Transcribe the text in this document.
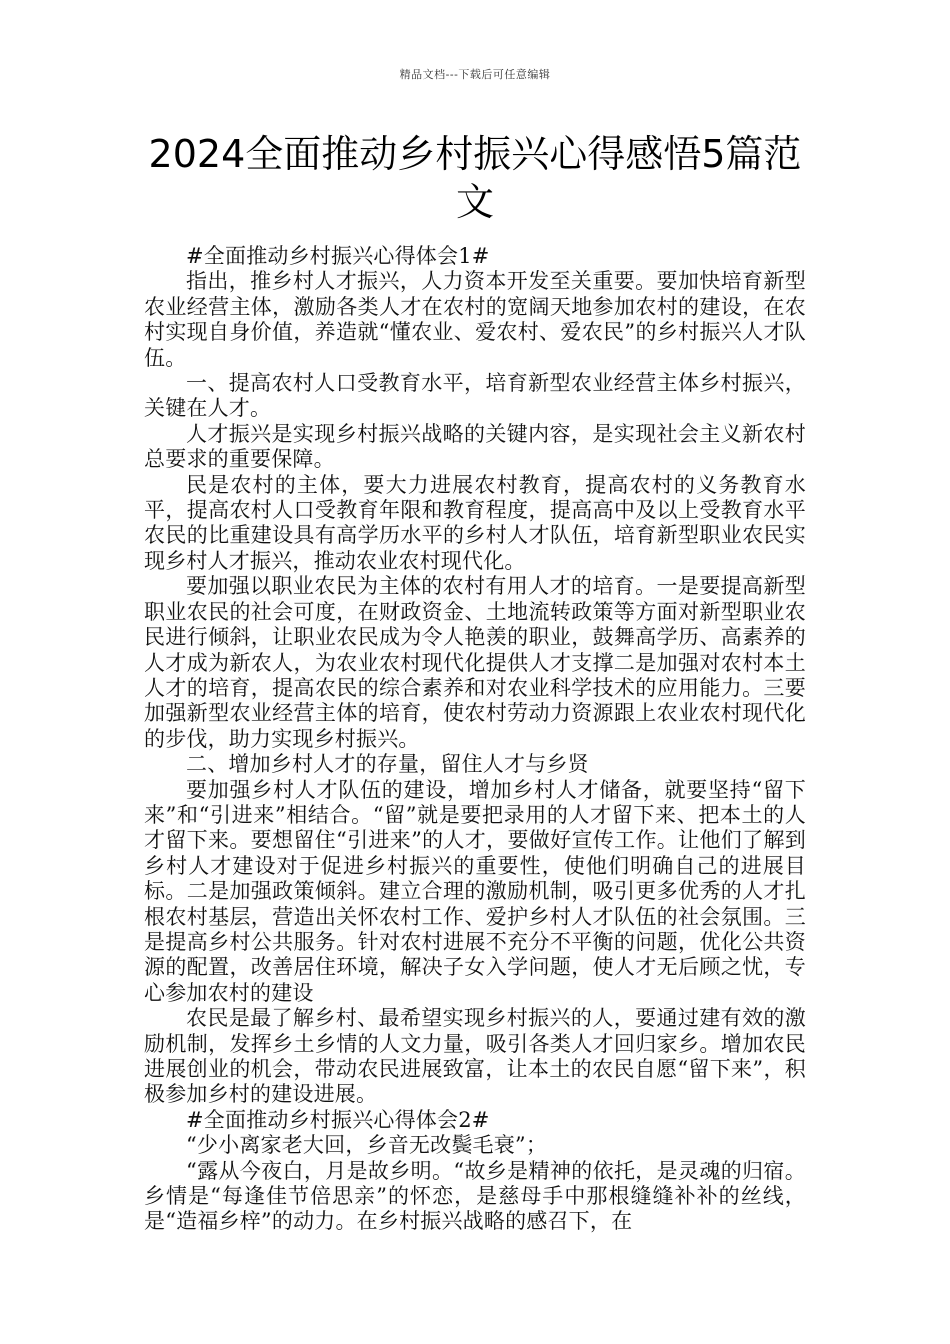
精品文档---下载后可任意编辑
2024全面推动乡村振兴心得感悟5篇范文

#全面推动乡村振兴心得体会1#

指出，推乡村人才振兴，人力资本开发至关重要。要加快培育新型农业经营主体，激励各类人才在农村的宽阔天地参加农村的建设，在农村实现自身价值，养造就“懂农业、爱农村、爱农民”的乡村振兴人才队伍。

一、提高农村人口受教育水平，培育新型农业经营主体乡村振兴，关键在人才。

人才振兴是实现乡村振兴战略的关键内容，是实现社会主义新农村总要求的重要保障。

民是农村的主体，要大力进展农村教育，提高农村的义务教育水平，提高农村人口受教育年限和教育程度，提高高中及以上受教育水平农民的比重建设具有高学历水平的乡村人才队伍，培育新型职业农民实现乡村人才振兴，推动农业农村现代化。

要加强以职业农民为主体的农村有用人才的培育。一是要提高新型职业农民的社会可度，在财政资金、土地流转政策等方面对新型职业农民进行倾斜，让职业农民成为令人艳羡的职业，鼓舞高学历、高素养的人才成为新农人，为农业农村现代化提供人才支撑二是加强对农村本土人才的培育，提高农民的综合素养和对农业科学技术的应用能力。三要加强新型农业经营主体的培育，使农村劳动力资源跟上农业农村现代化的步伐，助力实现乡村振兴。

二、增加乡村人才的存量，留住人才与乡贤

要加强乡村人才队伍的建设，增加乡村人才储备，就要坚持“留下来”和“引进来”相结合。“留”就是要把录用的人才留下来、把本土的人才留下来。要想留住“引进来”的人才，要做好宣传工作。让他们了解到乡村人才建设对于促进乡村振兴的重要性，使他们明确自己的进展目标。二是加强政策倾斜。建立合理的激励机制，吸引更多优秀的人才扎根农村基层，营造出关怀农村工作、爱护乡村人才队伍的社会氛围。三是提高乡村公共服务。针对农村进展不充分不平衡的问题，优化公共资源的配置，改善居住环境，解决子女入学问题，使人才无后顾之忧，专心参加农村的建设

农民是最了解乡村、最希望实现乡村振兴的人，要通过建有效的激励机制，发挥乡土乡情的人文力量，吸引各类人才回归家乡。增加农民进展创业的机会，带动农民进展致富，让本土的农民自愿“留下来”，积极参加乡村的建设进展。

#全面推动乡村振兴心得体会2#

“少小离家老大回，乡音无改鬓毛衰”；

“露从今夜白，月是故乡明。“故乡是精神的依托，是灵魂的归宿。乡情是“每逢佳节倍思亲”的怀恋，是慈母手中那根缝缝补补的丝线，是“造福乡梓”的动力。在乡村振兴战略的感召下，在
